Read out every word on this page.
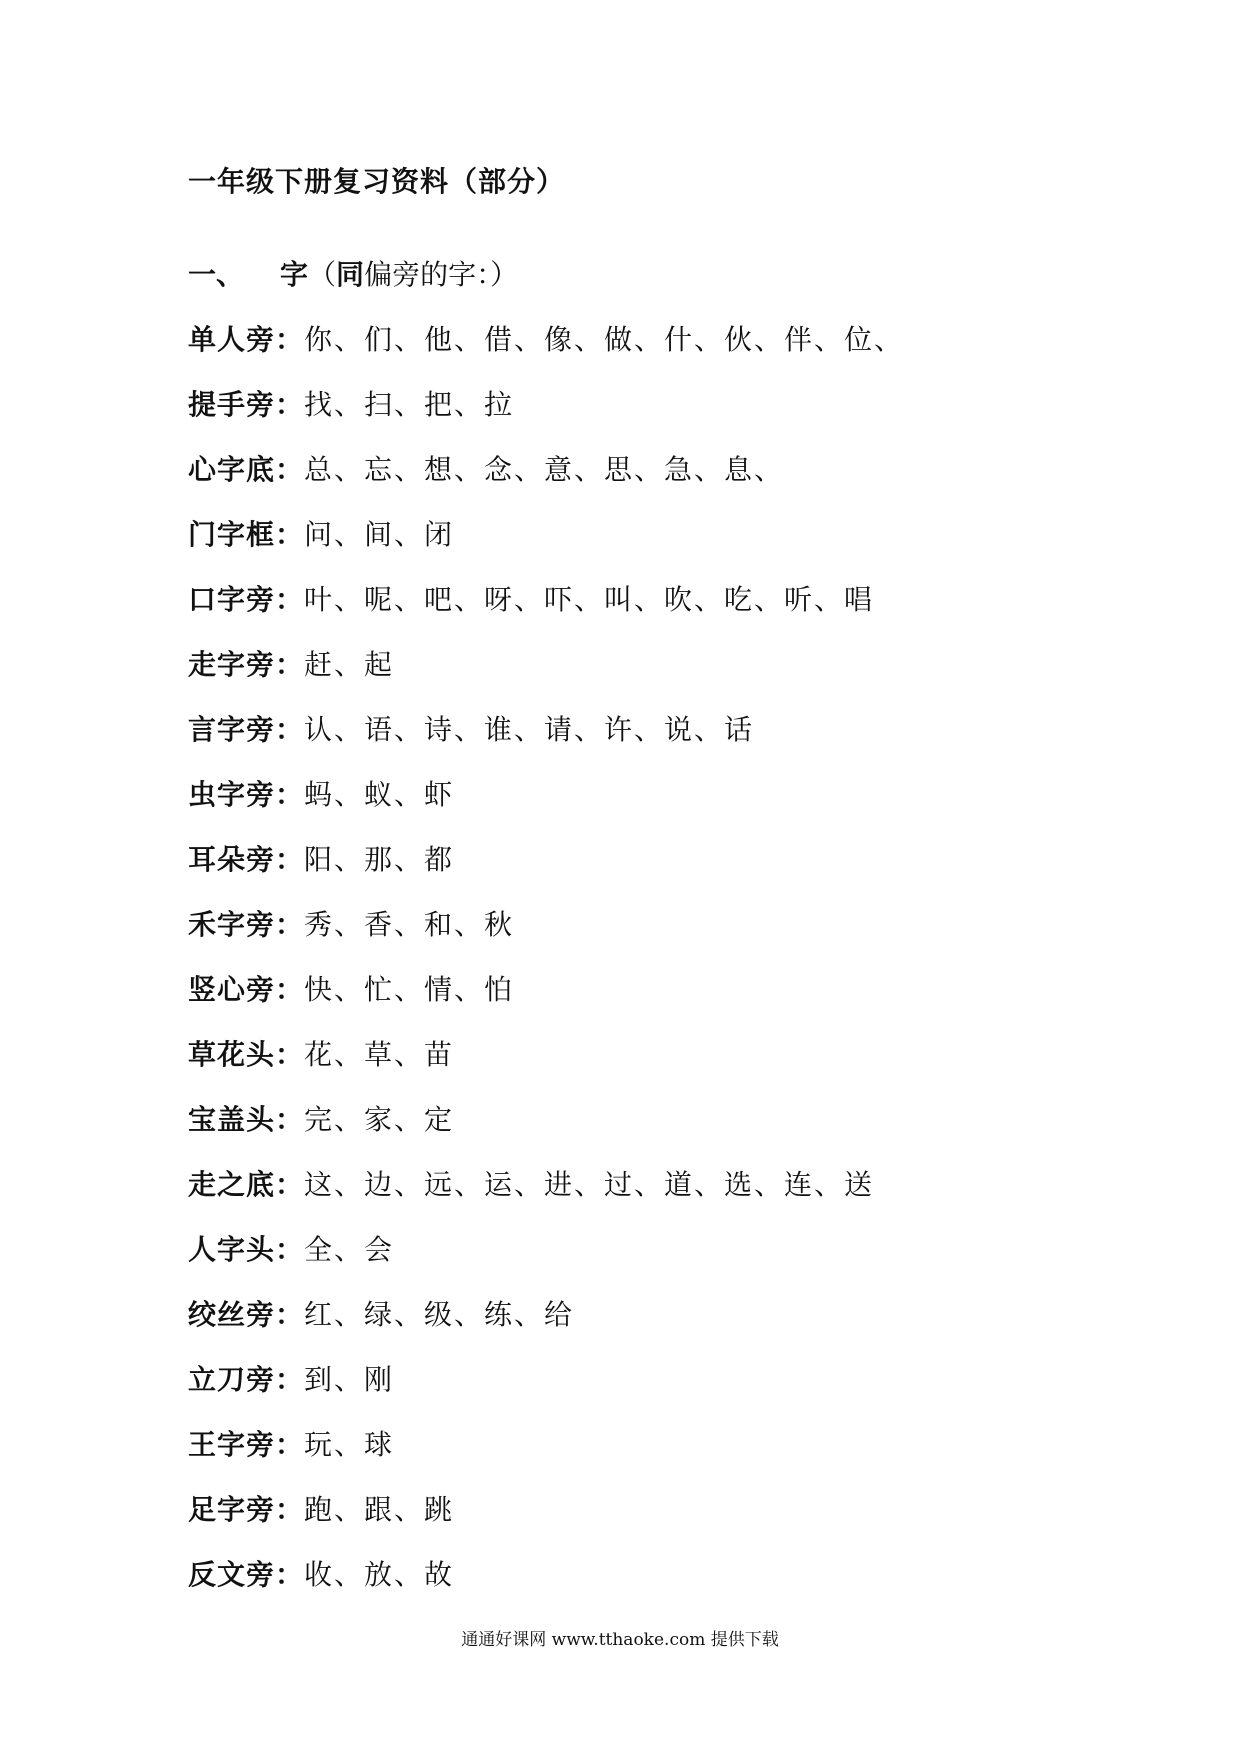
一年级下册复习资料（部分）
一、 字（同偏旁的字：）
单人旁：你、们、他、借、像、做、什、伙、伴、位、
提手旁：找、扫、把、拉
心字底：总、忘、想、念、意、思、急、息、
门字框：问、间、闭
口字旁：叶、呢、吧、呀、吓、叫、吹、吃、听、唱
走字旁：赶、起
言字旁：认、语、诗、谁、请、许、说、话
虫字旁：蚂、蚁、虾
耳朵旁：阳、那、都
禾字旁：秀、香、和、秋
竖心旁：快、忙、情、怕
草花头：花、草、苗
宝盖头：完、家、定
走之底：这、边、远、运、进、过、道、选、连、送
人字头：全、会
绞丝旁：红、绿、级、练、给
立刀旁：到、刚
王字旁：玩、球
足字旁：跑、跟、跳
反文旁：收、放、故
通通好课网 www.tthaoke.com 提供下载
